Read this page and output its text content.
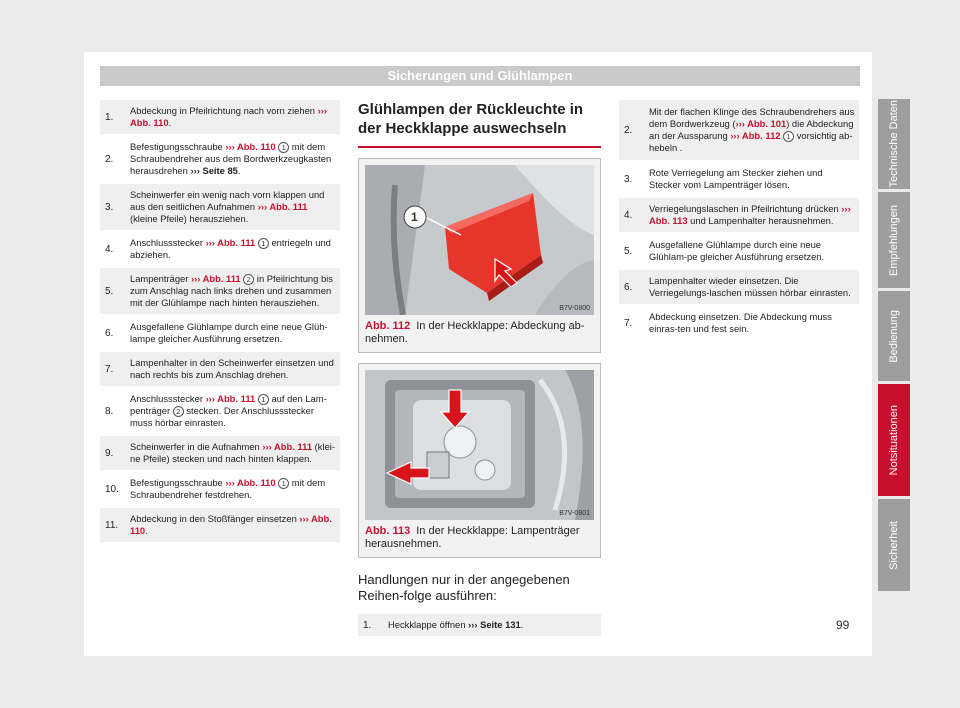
Sicherungen und Glühlampen
1.
Abdeckung in Pfeilrichtung nach vorn ziehen ››› Abb. 110.
2.
Befestigungsschraube ››› Abb. 110 1 mit dem Schraubendreher aus dem Bordwerkzeugkasten herausdrehen ››› Seite 85.
3.
Scheinwerfer ein wenig nach vorn klappen und aus den seitlichen Aufnahmen ››› Abb. 111 (kleine Pfeile) herausziehen.
4.
Anschlussstecker ››› Abb. 111 1 entriegeln und abziehen.
5.
Lampenträger ››› Abb. 111 2 in Pfeilrichtung bis zum Anschlag nach links drehen und zusammen mit der Glühlampe nach hinten herausziehen.
6.
Ausgefallene Glühlampe durch eine neue Glüh-lampe gleicher Ausführung ersetzen.
7.
Lampenhalter in den Scheinwerfer einsetzen und nach rechts bis zum Anschlag drehen.
8.
Anschlussstecker ››› Abb. 111 1 auf den Lam-penträger 2 stecken. Der Anschlussstecker muss hörbar einrasten.
9.
Scheinwerfer in die Aufnahmen ››› Abb. 111 (klei-ne Pfeile) stecken und nach hinten klappen.
10.
Befestigungsschraube ››› Abb. 110 1 mit dem Schraubendreher festdrehen.
11.
Abdeckung in den Stoßfänger einsetzen ››› Abb. 110.
Glühlampen der Rückleuchte in der Heckklappe auswechseln
B7V-0800
1
Abb. 112 In der Heckklappe: Abdeckung ab-nehmen.
B7V-0801
Abb. 113 In der Heckklappe: Lampenträger herausnehmen.
Handlungen nur in der angegebenen Reihen-folge ausführen:
1.	Heckklappe öffnen ››› Seite 131.
2.
Mit der flachen Klinge des Schraubendrehers aus dem Bordwerkzeug (››› Abb. 101) die Abdeckung an der Aussparung ››› Abb. 112 1 vorsichtig ab-hebeln .
3.
Rote Verriegelung am Stecker ziehen und Stecker vom Lampenträger lösen.
4.
Verriegelungslaschen in Pfeilrichtung drücken ››› Abb. 113 und Lampenhalter herausnehmen.
5.
Ausgefallene Glühlampe durch eine neue Glühlam-pe gleicher Ausführung ersetzen.
6.
Lampenhalter wieder einsetzen. Die Verriegelungs-laschen müssen hörbar einrasten.
7.
Abdeckung einsetzen. Die Abdeckung muss einras-ten und fest sein.
Technische Daten
Empfehlungen
Bedienung
Notsituationen
Sicherheit
99
